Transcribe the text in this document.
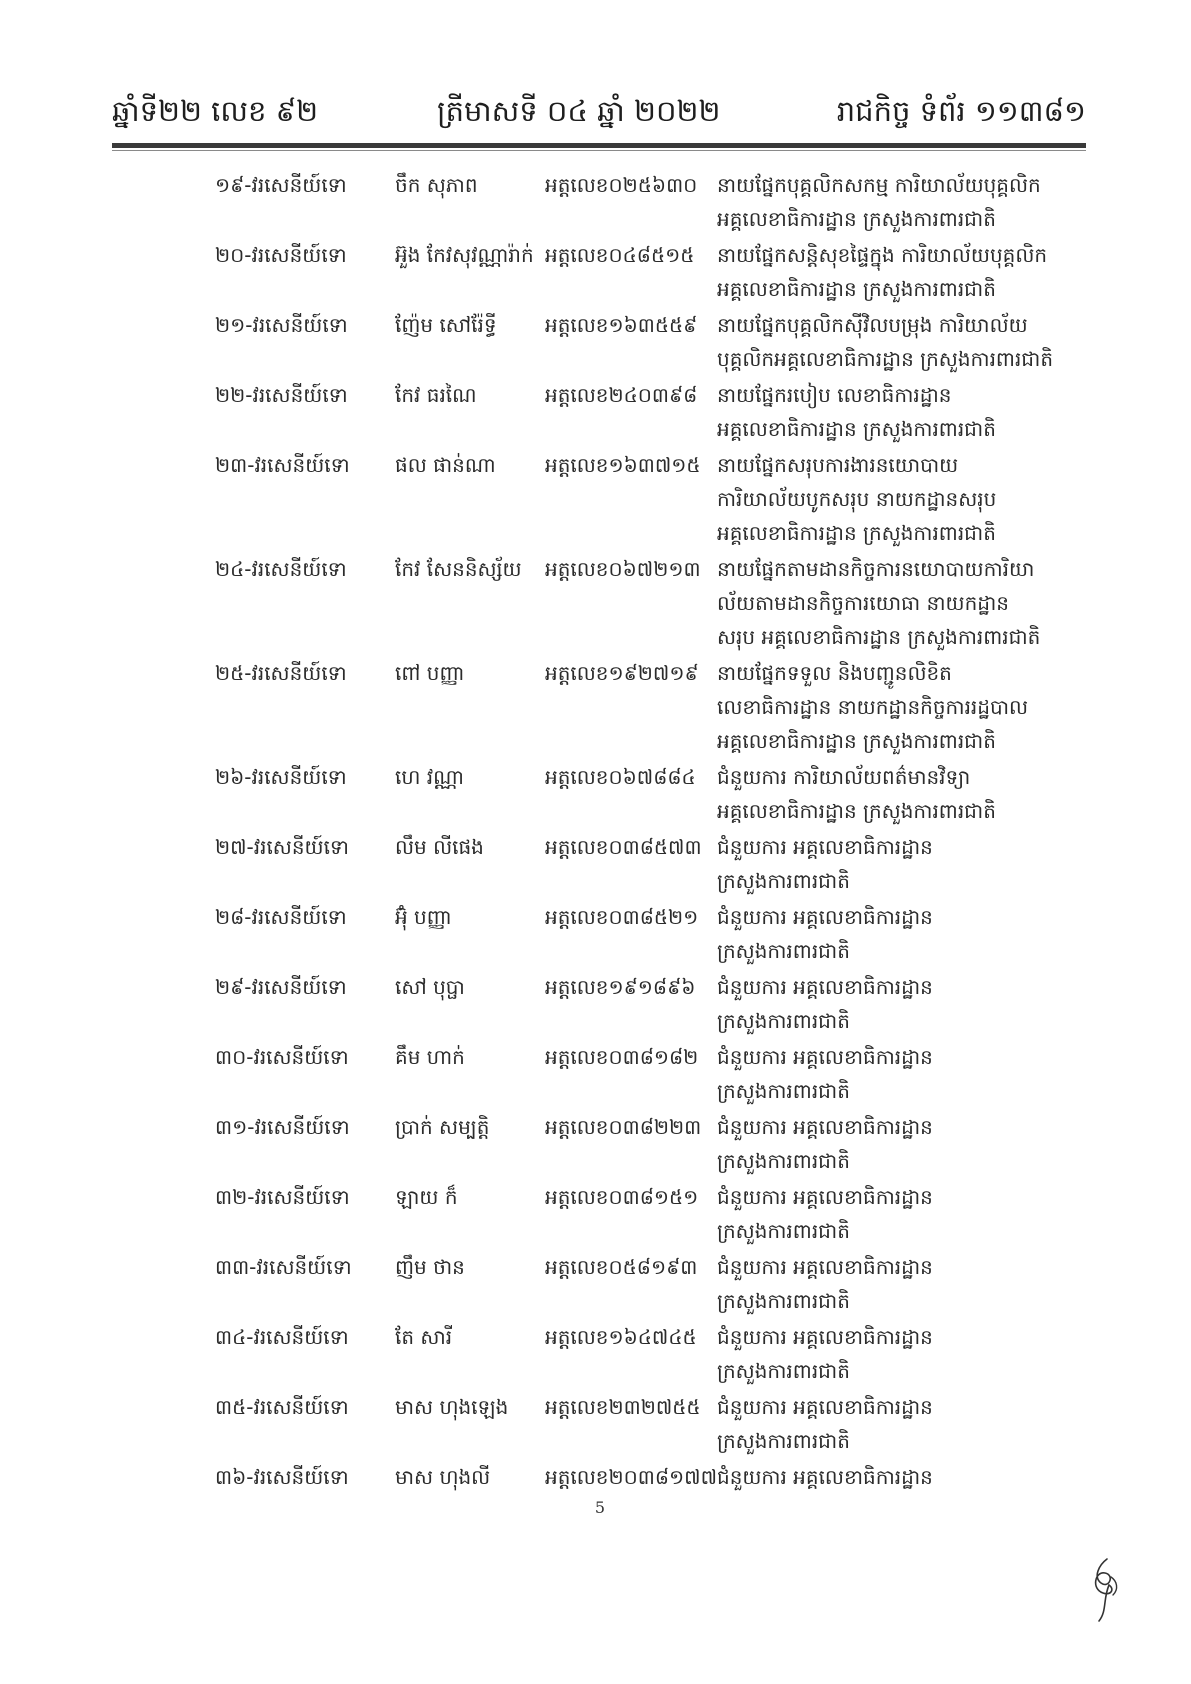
ឆ្នាំទី២២ លេខ ៩២	ត្រីមាសទី ០៤ ឆ្នាំ ២០២២	រាជកិច្ច ទំព័រ ១១៣៨១
១៩-វរសេនីយ៍ទោ ចឹក សុភាព	អត្តលេខ០២៥៦៣០ នាយផ្នែកបុគ្គលិកសកម្ម ការិយាល័យបុគ្គលិក
អគ្គលេខាធិការដ្ឋាន ក្រសួងការពារជាតិ
២០-វរសេនីយ៍ទោ អ៊ួង កែវសុវណ្ណារ៉ាក់ អត្តលេខ០៤៨៥១៥ នាយផ្នែកសន្តិសុខផ្ទៃក្នុង ការិយាល័យបុគ្គលិក
អគ្គលេខាធិការដ្ឋាន ក្រសួងការពារជាតិ
២១-វរសេនីយ៍ទោ ញ៉ែម សៅរ៉ែទ្ធី អត្តលេខ១៦៣៥៥៩ នាយផ្នែកបុគ្គលិកស៊ីវិលបម្រុង ការិយាល័យ
បុគ្គលិកអគ្គលេខាធិការដ្ឋាន ក្រសួងការពារជាតិ
២២-វរសេនីយ៍ទោ កែវ ធរណៃ	អត្តលេខ២៤០៣៩៨ នាយផ្នែករបៀប លេខាធិការដ្ឋាន
អគ្គលេខាធិការដ្ឋាន ក្រសួងការពារជាតិ
២៣-វរសេនីយ៍ទោ ផល ផាន់ណា អត្តលេខ១៦៣៧១៥ នាយផ្នែកសរុបការងារនយោបាយ
ការិយាល័យបូកសរុប នាយកដ្ឋានសរុប
អគ្គលេខាធិការដ្ឋាន ក្រសួងការពារជាតិ
២៤-វរសេនីយ៍ទោ កែវ សែននិស្ស័យ អត្តលេខ០៦៧២១៣ នាយផ្នែកតាមដានកិច្ចការនយោបាយការិយា
ល័យតាមដានកិច្ចការយោធា នាយកដ្ឋាន
សរុប អគ្គលេខាធិការដ្ឋាន ក្រសួងការពារជាតិ
២៥-វរសេនីយ៍ទោ ពៅ បញ្ញា	អត្តលេខ១៩២៧១៩ នាយផ្នែកទទួល និងបញ្ជូនលិខិត
លេខាធិការដ្ឋាន នាយកដ្ឋានកិច្ចការរដ្ឋបាល
អគ្គលេខាធិការដ្ឋាន ក្រសួងការពារជាតិ
២៦-វរសេនីយ៍ទោ ហេ វណ្ណា	អត្តលេខ០៦៧៨៨៤ ជំនួយការ ការិយាល័យពត៌មានវិទ្យា
អគ្គលេខាធិការដ្ឋាន ក្រសួងការពារជាតិ
២៧-វរសេនីយ៍ទោ លឹម លីផេង	អត្តលេខ០៣៨៥៧៣ ជំនួយការ អគ្គលេខាធិការដ្ឋាន
ក្រសួងការពារជាតិ
២៨-វរសេនីយ៍ទោ អ៊ុំ បញ្ញា	អត្តលេខ០៣៨៥២១ ជំនួយការ អគ្គលេខាធិការដ្ឋាន
ក្រសួងការពារជាតិ
២៩-វរសេនីយ៍ទោ សៅ បុប្ផា	អត្តលេខ១៩១៨៩៦ ជំនួយការ អគ្គលេខាធិការដ្ឋាន
ក្រសួងការពារជាតិ
៣០-វរសេនីយ៍ទោ គឹម ហាក់	អត្តលេខ០៣៨១៨២ ជំនួយការ អគ្គលេខាធិការដ្ឋាន
ក្រសួងការពារជាតិ
៣១-វរសេនីយ៍ទោ ប្រាក់ សម្បត្តិ	អត្តលេខ០៣៨២២៣ ជំនួយការ អគ្គលេខាធិការដ្ឋាន
ក្រសួងការពារជាតិ
៣២-វរសេនីយ៍ទោ ឡាយ ក៏	អត្តលេខ០៣៨១៥១ ជំនួយការ អគ្គលេខាធិការដ្ឋាន
ក្រសួងការពារជាតិ
៣៣-វរសេនីយ៍ទោ ញឹម ថាន	អត្តលេខ០៥៨១៩៣ ជំនួយការ អគ្គលេខាធិការដ្ឋាន
ក្រសួងការពារជាតិ
៣៤-វរសេនីយ៍ទោ តែ សារី	អត្តលេខ១៦៤៧៤៥ ជំនួយការ អគ្គលេខាធិការដ្ឋាន
ក្រសួងការពារជាតិ
៣៥-វរសេនីយ៍ទោ មាស ហុងឡេង អត្តលេខ២៣២៧៥៥ ជំនួយការ អគ្គលេខាធិការដ្ឋាន
ក្រសួងការពារជាតិ
៣៦-វរសេនីយ៍ទោ មាស ហុងលី	អត្តលេខ២០៣៨១៧៧ ជំនួយការ អគ្គលេខាធិការដ្ឋាន
5
